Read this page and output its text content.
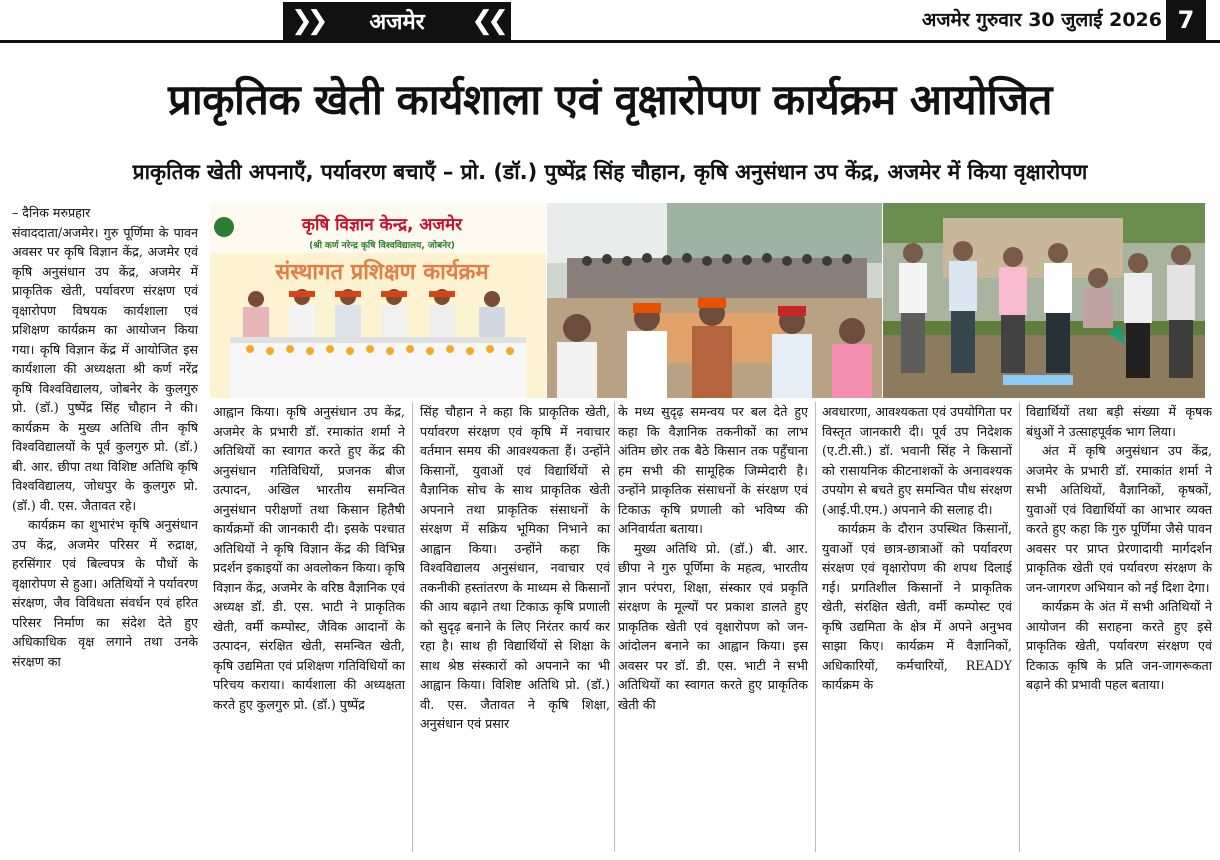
❯❯ अजमेर ❮❮	अजमेर गुरुवार 30 जुलाई 2026 7
प्राकृतिक खेती कार्यशाला एवं वृक्षारोपण कार्यक्रम आयोजित
प्राकृतिक खेती अपनाएँ, पर्यावरण बचाएँ – प्रो. (डॉ.) पुष्पेंद्र सिंह चौहान, कृषि अनुसंधान उप केंद्र, अजमेर में किया वृक्षारोपण
कृषि विज्ञान केन्द्र, अजमेर
(श्री कर्ण नरेन्द्र कृषि विश्वविद्यालय, जोबनेर)
संस्थागत प्रशिक्षण कार्यक्रम
– दैनिक मरुप्रहार

संवाददाता/अजमेर। गुरु पूर्णिमा के पावन अवसर पर कृषि विज्ञान केंद्र, अजमेर एवं कृषि अनुसंधान उप केंद्र, अजमेर में प्राकृतिक खेती, पर्यावरण संरक्षण एवं वृक्षारोपण विषयक कार्यशाला एवं प्रशिक्षण कार्यक्रम का आयोजन किया गया। कृषि विज्ञान केंद्र में आयोजित इस कार्यशाला की अध्यक्षता श्री कर्ण नरेंद्र कृषि विश्वविद्यालय, जोबनेर के कुलगुरु प्रो. (डॉ.) पुष्पेंद्र सिंह चौहान ने की। कार्यक्रम के मुख्य अतिथि तीन कृषि विश्वविद्यालयों के पूर्व कुलगुरु प्रो. (डॉ.) बी. आर. छीपा तथा विशिष्ट अतिथि कृषि विश्वविद्यालय, जोधपुर के कुलगुरु प्रो. (डॉ.) वी. एस. जैतावत रहे।

कार्यक्रम का शुभारंभ कृषि अनुसंधान उप केंद्र, अजमेर परिसर में रुद्राक्ष, हरसिंगार एवं बिल्वपत्र के पौधों के वृक्षारोपण से हुआ। अतिथियों ने पर्यावरण संरक्षण, जैव विविधता संवर्धन एवं हरित परिसर निर्माण का संदेश देते हुए अधिकाधिक वृक्ष लगाने तथा उनके संरक्षण का

आह्वान किया। कृषि अनुसंधान उप केंद्र, अजमेर के प्रभारी डॉ. रमाकांत शर्मा ने अतिथियों का स्वागत करते हुए केंद्र की अनुसंधान गतिविधियों, प्रजनक बीज उत्पादन, अखिल भारतीय समन्वित अनुसंधान परीक्षणों तथा किसान हितैषी कार्यक्रमों की जानकारी दी। इसके पश्चात अतिथियों ने कृषि विज्ञान केंद्र की विभिन्न प्रदर्शन इकाइयों का अवलोकन किया। कृषि विज्ञान केंद्र, अजमेर के वरिष्ठ वैज्ञानिक एवं अध्यक्ष डॉ. डी. एस. भाटी ने प्राकृतिक खेती, वर्मी कम्पोस्ट, जैविक आदानों के उत्पादन, संरक्षित खेती, समन्वित खेती, कृषि उद्यमिता एवं प्रशिक्षण गतिविधियों का परिचय कराया। कार्यशाला की अध्यक्षता करते हुए कुलगुरु प्रो. (डॉ.) पुष्पेंद्र

सिंह चौहान ने कहा कि प्राकृतिक खेती, पर्यावरण संरक्षण एवं कृषि में नवाचार वर्तमान समय की आवश्यकता हैं। उन्होंने किसानों, युवाओं एवं विद्यार्थियों से वैज्ञानिक सोच के साथ प्राकृतिक खेती अपनाने तथा प्राकृतिक संसाधनों के संरक्षण में सक्रिय भूमिका निभाने का आह्वान किया। उन्होंने कहा कि विश्वविद्यालय अनुसंधान, नवाचार एवं तकनीकी हस्तांतरण के माध्यम से किसानों की आय बढ़ाने तथा टिकाऊ कृषि प्रणाली को सुदृढ़ बनाने के लिए निरंतर कार्य कर रहा है। साथ ही विद्यार्थियों से शिक्षा के साथ श्रेष्ठ संस्कारों को अपनाने का भी आह्वान किया। विशिष्ट अतिथि प्रो. (डॉ.) वी. एस. जैतावत ने कृषि शिक्षा, अनुसंधान एवं प्रसार

के मध्य सुदृढ़ समन्वय पर बल देते हुए कहा कि वैज्ञानिक तकनीकों का लाभ अंतिम छोर तक बैठे किसान तक पहुँचाना हम सभी की सामूहिक जिम्मेदारी है। उन्होंने प्राकृतिक संसाधनों के संरक्षण एवं टिकाऊ कृषि प्रणाली को भविष्य की अनिवार्यता बताया।

मुख्य अतिथि प्रो. (डॉ.) बी. आर. छीपा ने गुरु पूर्णिमा के महत्व, भारतीय ज्ञान परंपरा, शिक्षा, संस्कार एवं प्रकृति संरक्षण के मूल्यों पर प्रकाश डालते हुए प्राकृतिक खेती एवं वृक्षारोपण को जन-आंदोलन बनाने का आह्वान किया। इस अवसर पर डॉ. डी. एस. भाटी ने सभी अतिथियों का स्वागत करते हुए प्राकृतिक खेती की

अवधारणा, आवश्यकता एवं उपयोगिता पर विस्तृत जानकारी दी। पूर्व उप निदेशक (ए.टी.सी.) डॉ. भवानी सिंह ने किसानों को रासायनिक कीटनाशकों के अनावश्यक उपयोग से बचते हुए समन्वित पौध संरक्षण (आई.पी.एम.) अपनाने की सलाह दी।

कार्यक्रम के दौरान उपस्थित किसानों, युवाओं एवं छात्र-छात्राओं को पर्यावरण संरक्षण एवं वृक्षारोपण की शपथ दिलाई गई। प्रगतिशील किसानों ने प्राकृतिक खेती, संरक्षित खेती, वर्मी कम्पोस्ट एवं कृषि उद्यमिता के क्षेत्र में अपने अनुभव साझा किए। कार्यक्रम में वैज्ञानिकों, अधिकारियों, कर्मचारियों, READY कार्यक्रम के

विद्यार्थियों तथा बड़ी संख्या में कृषक बंधुओं ने उत्साहपूर्वक भाग लिया।

अंत में कृषि अनुसंधान उप केंद्र, अजमेर के प्रभारी डॉ. रमाकांत शर्मा ने सभी अतिथियों, वैज्ञानिकों, कृषकों, युवाओं एवं विद्यार्थियों का आभार व्यक्त करते हुए कहा कि गुरु पूर्णिमा जैसे पावन अवसर पर प्राप्त प्रेरणादायी मार्गदर्शन प्राकृतिक खेती एवं पर्यावरण संरक्षण के जन-जागरण अभियान को नई दिशा देगा।

कार्यक्रम के अंत में सभी अतिथियों ने आयोजन की सराहना करते हुए इसे प्राकृतिक खेती, पर्यावरण संरक्षण एवं टिकाऊ कृषि के प्रति जन-जागरूकता बढ़ाने की प्रभावी पहल बताया।
